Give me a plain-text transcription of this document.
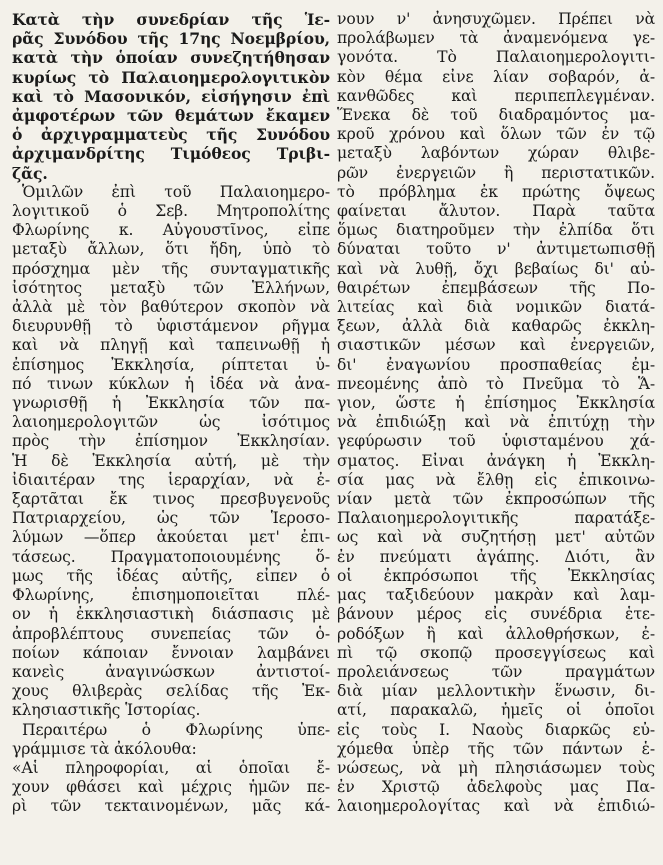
Κατὰ τὴν συνεδρίαν τῆς Ἱε-
ρᾶς Συνόδου τῆς 17ης Νοεμβρίου,
κατὰ τὴν ὁποίαν συνεζητήθησαν
κυρίως τὸ Παλαιοημερολογιτικὸν
καὶ τὸ Μασονικόν, εἰσήγησιν ἐπὶ
ἀμφοτέρων τῶν θεμάτων ἔκαμεν
ὁ ἀρχιγραμματεὺς τῆς Συνόδου
ἀρχιμανδρίτης Τιμόθεος Τριβι-
ζᾶς.
Ὁμιλῶν ἐπὶ τοῦ Παλαιοημερο-
λογιτικοῦ ὁ Σεβ. Μητροπολίτης
Φλωρίνης κ. Αὐγουστῖνος, εἶπε
μεταξὺ ἄλλων, ὅτι ἤδη, ὑπὸ τὸ
πρόσχημα μὲν τῆς συνταγματικῆς
ἰσότητος μεταξὺ τῶν Ἑλλήνων,
ἀλλὰ μὲ τὸν βαθύτερον σκοπὸν νὰ
διευρυνθῇ τὸ ὑφιστάμενον ρῆγμα
καὶ νὰ πληγῇ καὶ ταπεινωθῇ ἡ
ἐπίσημος Ἐκκλησία, ρίπτεται ὑ-
πό τινων κύκλων ἡ ἰδέα νὰ ἀνα-
γνωρισθῇ ἡ Ἐκκλησία τῶν πα-
λαιοημερολογιτῶν ὡς ἰσότιμος
πρὸς τὴν ἐπίσημον Ἐκκλησίαν.
Ἡ δὲ Ἐκκλησία αὐτή, μὲ τὴν
ἰδιαιτέραν της ἱεραρχίαν, νὰ ἐ-
ξαρτᾶται ἔκ τινος πρεσβυγενοῦς
Πατριαρχείου, ὡς τῶν Ἱεροσο-
λύμων —ὅπερ ἀκούεται μετ' ἐπι-
τάσεως. Πραγματοποιουμένης ὅ-
μως τῆς ἰδέας αὐτῆς, εἶπεν ὁ
Φλωρίνης, ἐπισημοποιεῖται πλέ-
ον ἡ ἐκκλησιαστικὴ διάσπασις μὲ
ἀπροβλέπτους συνεπείας τῶν ὁ-
ποίων κάποιαν ἔννοιαν λαμβάνει
κανεὶς ἀναγινώσκων ἀντιστοί-
χους θλιβερὰς σελίδας τῆς Ἐκ-
κλησιαστικῆς Ἱστορίας.
Περαιτέρω ὁ Φλωρίνης ὑπε-
γράμμισε τὰ ἀκόλουθα:
«Αἱ πληροφορίαι, αἱ ὁποῖαι ἔ-
χουν φθάσει καὶ μέχρις ἡμῶν πε-
ρὶ τῶν τεκταινομένων, μᾶς κά-
νουν ν' ἀνησυχῶμεν. Πρέπει νὰ
προλάβωμεν τὰ ἀναμενόμενα γε-
γονότα. Τὸ Παλαιοημερολογιτι-
κὸν θέμα εἶνε λίαν σοβαρόν, ἀ-
κανθῶδες καὶ περιπεπλεγμέναν.
Ἕνεκα δὲ τοῦ διαδραμόντος μα-
κροῦ χρόνου καὶ ὅλων τῶν ἐν τῷ
μεταξὺ λαβόντων χώραν θλιβε-
ρῶν ἐνεργειῶν ἢ περιστατικῶν.
τὸ πρόβλημα ἐκ πρώτης ὄψεως
φαίνεται ἄλυτον. Παρὰ ταῦτα
ὅμως διατηροῦμεν τὴν ἐλπίδα ὅτι
δύναται τοῦτο ν' ἀντιμετωπισθῇ
καὶ νὰ λυθῇ, ὄχι βεβαίως δι' αὐ-
θαιρέτων ἐπεμβάσεων τῆς Πο-
λιτείας καὶ διὰ νομικῶν διατά-
ξεων, ἀλλὰ διὰ καθαρῶς ἐκκλη-
σιαστικῶν μέσων καὶ ἐνεργειῶν,
δι' ἐναγωνίου προσπαθείας ἐμ-
πνεομένης ἀπὸ τὸ Πνεῦμα τὸ Ἅ-
γιον, ὥστε ἡ ἐπίσημος Ἐκκλησία
νὰ ἐπιδιώξῃ καὶ νὰ ἐπιτύχῃ τὴν
γεφύρωσιν τοῦ ὑφισταμένου χά-
σματος. Εἶναι ἀνάγκη ἡ Ἐκκλη-
σία μας νὰ ἔλθῃ εἰς ἐπικοινω-
νίαν μετὰ τῶν ἐκπροσώπων τῆς
Παλαιοημερολογιτικῆς παρατάξε-
ως καὶ νὰ συζητήσῃ μετ' αὐτῶν
ἐν πνεύματι ἀγάπης. Διότι, ἂν
οἱ ἐκπρόσωποι τῆς Ἐκκλησίας
μας ταξιδεύουν μακρὰν καὶ λαμ-
βάνουν μέρος εἰς συνέδρια ἑτε-
ροδόξων ἢ καὶ ἀλλοθρήσκων, ἐ-
πὶ τῷ σκοπῷ προσεγγίσεως καὶ
προλειάνσεως τῶν πραγμάτων
διὰ μίαν μελλοντικὴν ἕνωσιν, δι-
ατί, παρακαλῶ, ἡμεῖς οἱ ὁποῖοι
εἰς τοὺς Ι. Ναοὺς διαρκῶς εὐ-
χόμεθα ὑπὲρ τῆς τῶν πάντων ἑ-
νώσεως, νὰ μὴ πλησιάσωμεν τοὺς
ἐν Χριστῷ ἀδελφοὺς μας Πα-
λαιοημερολογίτας καὶ νὰ ἐπιδιώ-
